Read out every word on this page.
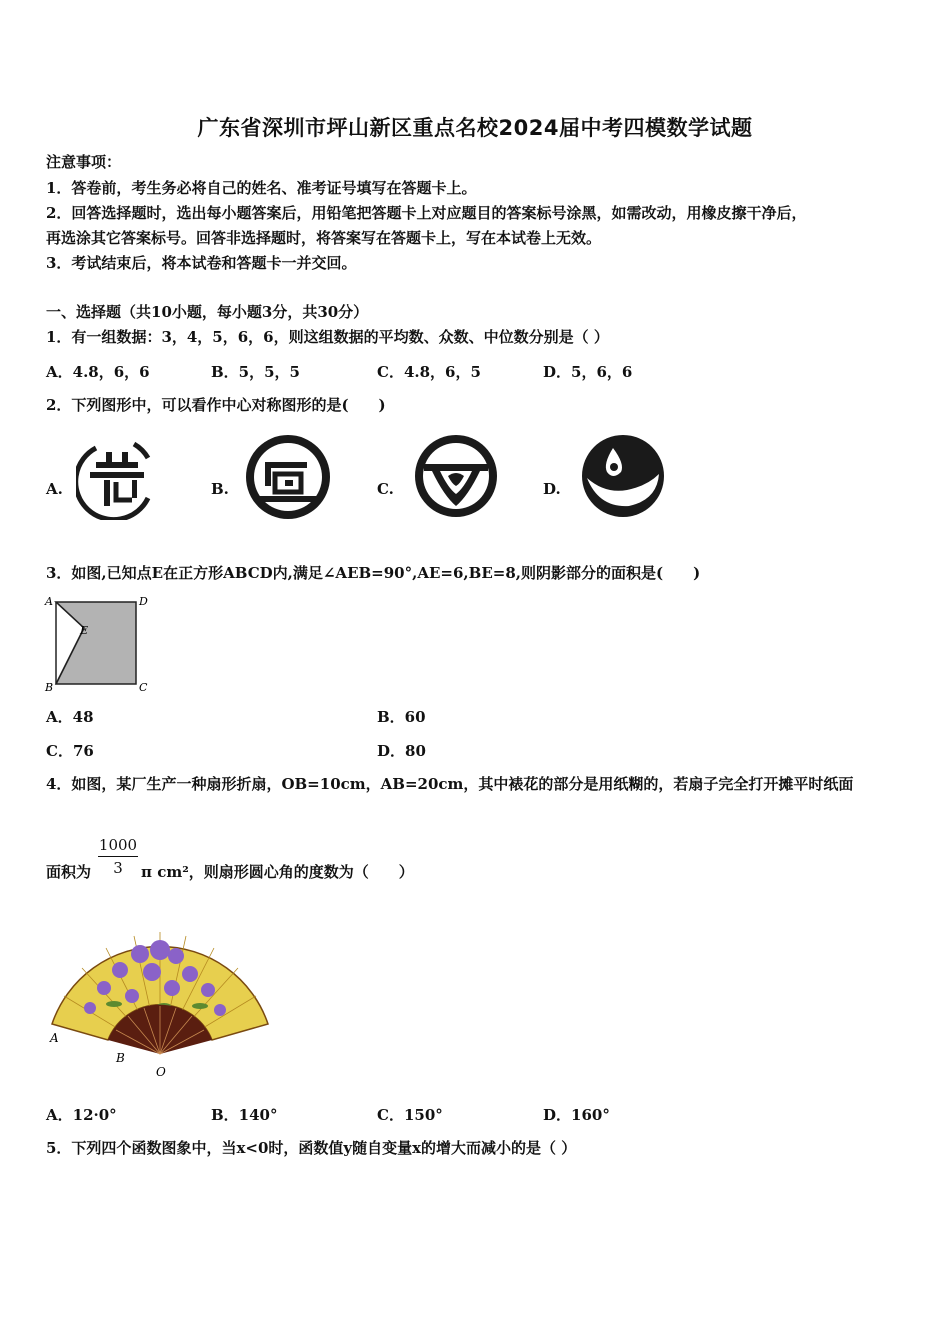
广东省深圳市坪山新区重点名校2024届中考四模数学试题
注意事项：
1．答卷前，考生务必将自己的姓名、准考证号填写在答题卡上。
2．回答选择题时，选出每小题答案后，用铅笔把答题卡上对应题目的答案标号涂黑，如需改动，用橡皮擦干净后，
再选涂其它答案标号。回答非选择题时，将答案写在答题卡上，写在本试卷上无效。
3．考试结束后，将本试卷和答题卡一并交回。
一、选择题（共10小题，每小题3分，共30分）
1．有一组数据：3，4，5，6，6，则这组数据的平均数、众数、中位数分别是（ ）
A．4.8，6，6	B．5，5，5	C．4.8，6，5	D．5，6，6
2．下列图形中，可以看作中心对称图形的是(　　)
A.	B.	C.	D.
3．如图,已知点E在正方形ABCD内,满足∠AEB=90°,AE=6,BE=8,则阴影部分的面积是(　　)
A	D
E
B	C
A．48	B．60
C．76	D．80
4．如图，某厂生产一种扇形折扇，OB=10cm，AB=20cm，其中裱花的部分是用纸糊的，若扇子完全打开摊平时纸面
$\frac{1000}{3}$
面积为	π cm²，则扇形圆心角的度数为（　　）
A
B
O
A．12·0°	B．140°	C．150°	D．160°
5．下列四个函数图象中，当x<0时，函数值y随自变量x的增大而减小的是（ ）
